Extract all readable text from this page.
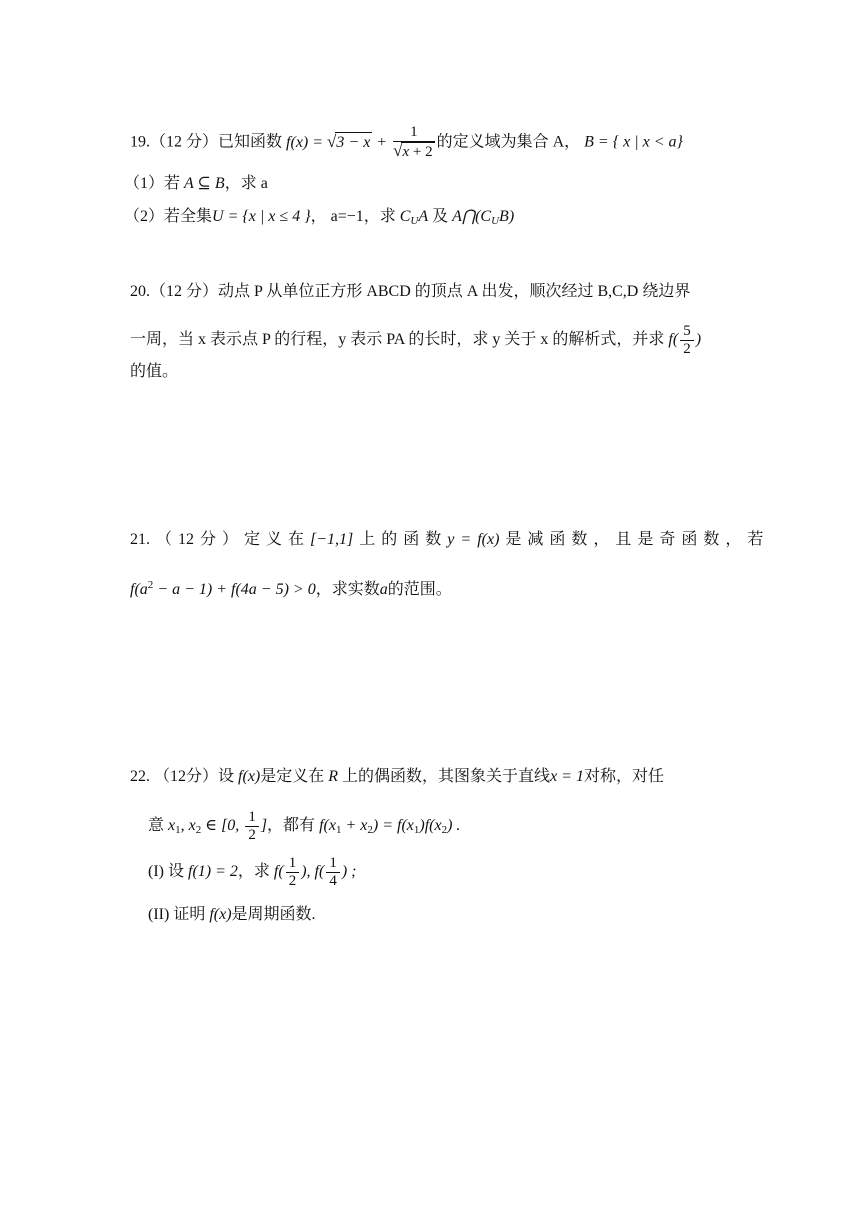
19.（12 分）已知函数 $f(x) = √3 - x + \frac{1}{√x + 2}$ 的定义域为集合 A， B = { x | x < a}
（1）若 A ⊆ B，求 a
（2）若全集U = {x | x ≤ 4 }， a=−1，求 $C_UA$ 及 $A⋂(C_UB)$
20.（12 分）动点 P 从单位正方形 ABCD 的顶点 A 出发，顺次经过 B,C,D 绕边界
一周，当 x 表示点 P 的行程，y 表示 PA 的长时，求 y 关于 x 的解析式，并求 $f( \frac{5}{2}$ )
的值。
21. （ 12 分 ） 定 义 在 [−1,1] 上 的 函 数 y = f(x) 是 减 函 数 ， 且 是 奇 函 数 ， 若
$f(a^2 - a - 1) + f(4a - 5) > 0$，求实数a的范围。
22. （12分）设 f(x)是定义在 R 上的偶函数，其图象关于直线x = 1对称，对任
意 $x_1$, $x_2$ ∈ [0, $\frac{1}{2}$ ]，都有 $f(x_1 + x_2) = f(x_1)f(x_2)$ .
(I) 设 f(1) = 2，求 $f( \frac{1}{2}$ ), $f( \frac{1}{4}$ ) ;
(II) 证明 f(x)是周期函数.
